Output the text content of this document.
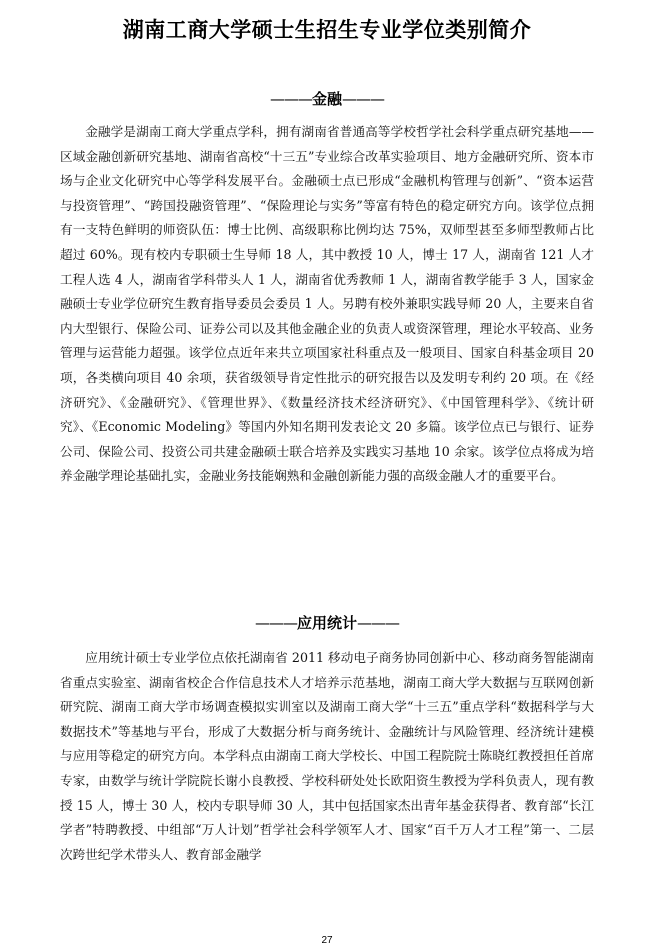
湖南工商大学硕士生招生专业学位类别简介
———金融———

金融学是湖南工商大学重点学科，拥有湖南省普通高等学校哲学社会科学重点研究基地——区域金融创新研究基地、湖南省高校“十三五”专业综合改革实验项目、地方金融研究所、资本市场与企业文化研究中心等学科发展平台。金融硕士点已形成“金融机构管理与创新”、“资本运营与投资管理”、“跨国投融资管理”、“保险理论与实务”等富有特色的稳定研究方向。该学位点拥有一支特色鲜明的师资队伍：博士比例、高级职称比例均达 75%，双师型甚至多师型教师占比超过 60%。现有校内专职硕士生导师 18 人，其中教授 10 人，博士 17 人，湖南省 121 人才工程人选 4 人，湖南省学科带头人 1 人，湖南省优秀教师 1 人，湖南省教学能手 3 人，国家金融硕士专业学位研究生教育指导委员会委员 1 人。另聘有校外兼职实践导师 20 人，主要来自省内大型银行、保险公司、证券公司以及其他金融企业的负责人或资深管理，理论水平较高、业务管理与运营能力超强。该学位点近年来共立项国家社科重点及一般项目、国家自科基金项目 20 项，各类横向项目 40 余项，获省级领导肯定性批示的研究报告以及发明专利约 20 项。在《经济研究》、《金融研究》、《管理世界》、《数量经济技术经济研究》、《中国管理科学》、《统计研究》、《Economic Modeling》等国内外知名期刊发表论文 20 多篇。该学位点已与银行、证券公司、保险公司、投资公司共建金融硕士联合培养及实践实习基地 10 余家。该学位点将成为培养金融学理论基础扎实，金融业务技能娴熟和金融创新能力强的高级金融人才的重要平台。

———应用统计———

应用统计硕士专业学位点依托湖南省 2011 移动电子商务协同创新中心、移动商务智能湖南省重点实验室、湖南省校企合作信息技术人才培养示范基地，湖南工商大学大数据与互联网创新研究院、湖南工商大学市场调查模拟实训室以及湖南工商大学“十三五”重点学科“数据科学与大数据技术”等基地与平台，形成了大数据分析与商务统计、金融统计与风险管理、经济统计建模与应用等稳定的研究方向。本学科点由湖南工商大学校长、中国工程院院士陈晓红教授担任首席专家，由数学与统计学院院长谢小良教授、学校科研处处长欧阳资生教授为学科负责人，现有教授 15 人，博士 30 人，校内专职导师 30 人，其中包括国家杰出青年基金获得者、教育部“长江学者”特聘教授、中组部“万人计划”哲学社会科学领军人才、国家“百千万人才工程”第一、二层次跨世纪学术带头人、教育部金融学

27
